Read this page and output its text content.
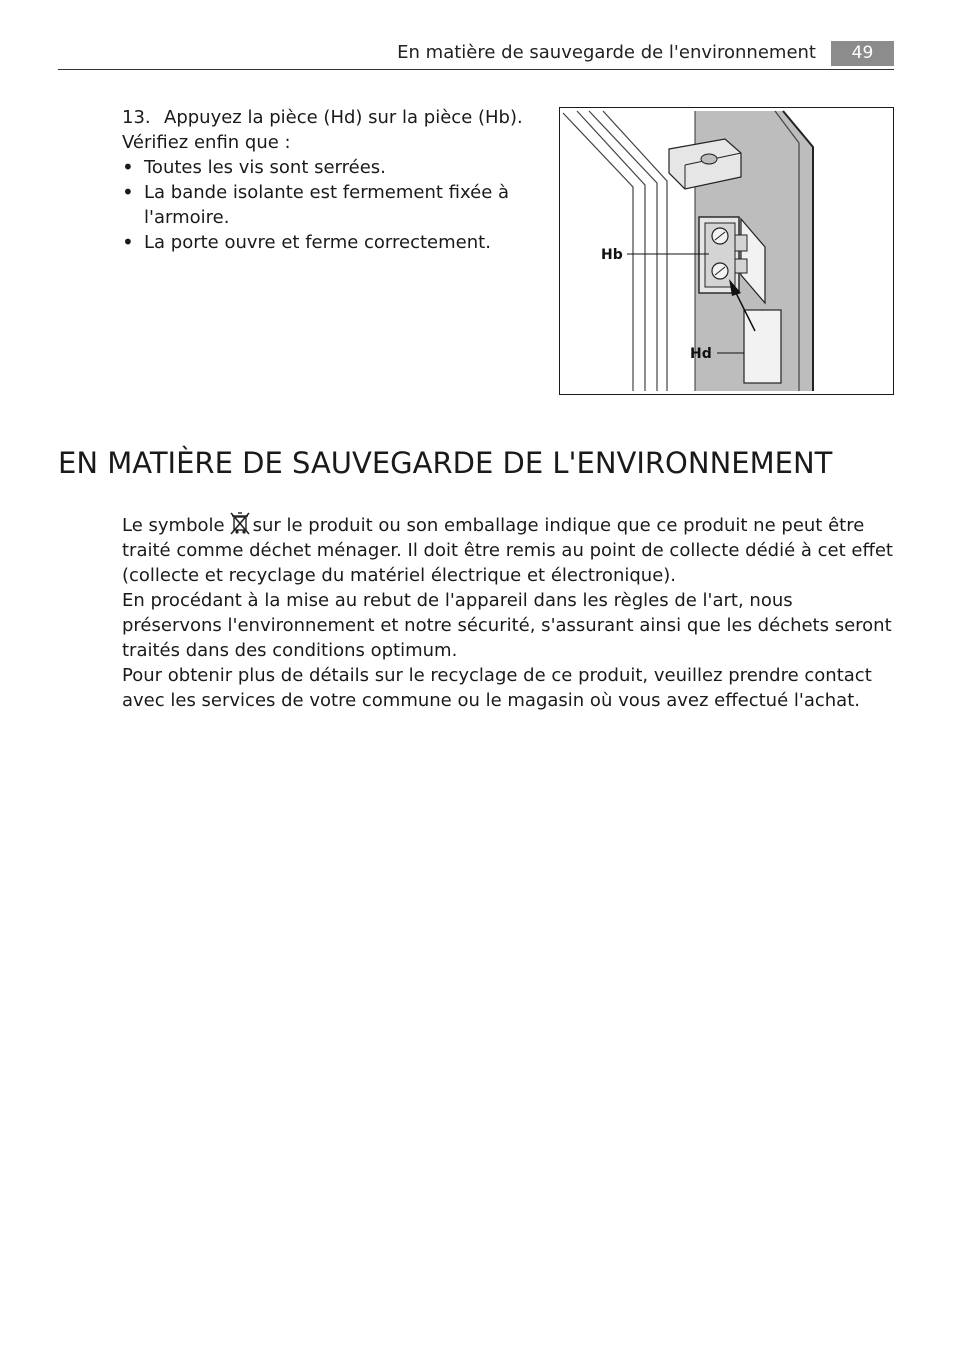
En matière de sauvegarde de l'environnement	49
13. Appuyez la pièce (Hd) sur la pièce (Hb).
Vérifiez enfin que :
• Toutes les vis sont serrées.
• La bande isolante est fermement fixée à l'armoire.
• La porte ouvre et ferme correctement.
Hb
Hd
EN MATIÈRE DE SAUVEGARDE DE L'ENVIRONNEMENT

Le symbole sur le produit ou son emballage indique que ce produit ne peut être traité comme déchet ménager. Il doit être remis au point de collecte dédié à cet effet (collecte et recyclage du matériel électrique et électronique).

En procédant à la mise au rebut de l'appareil dans les règles de l'art, nous préservons l'environnement et notre sécurité, s'assurant ainsi que les déchets seront traités dans des conditions optimum.

Pour obtenir plus de détails sur le recyclage de ce produit, veuillez prendre contact avec les services de votre commune ou le magasin où vous avez effectué l'achat.
